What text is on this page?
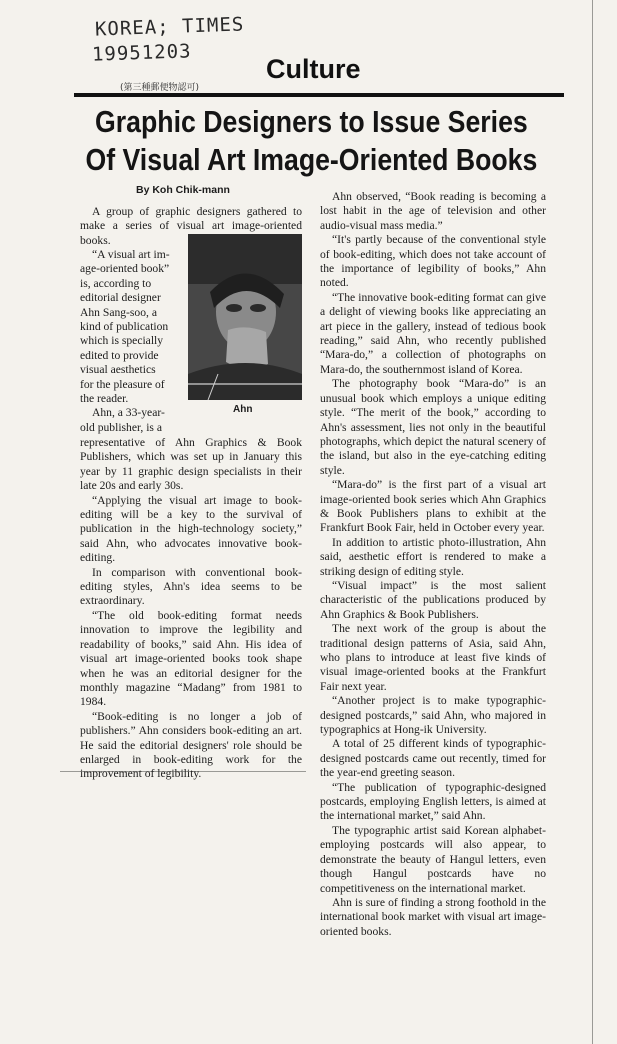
KOREA; TIMES
19951203
(第三種郵便物認可)
Culture
Graphic Designers to Issue Series
Of Visual Art Image-Oriented Books
By Koh Chik-mann

A group of graphic designers gathered to make a series of visual art image-oriented books.

Ahn
“A visual art im-
age-oriented book”
is, according to
editorial designer
Ahn Sang-soo, a
kind of publication
which is specially
edited to provide
visual aesthetics
for the pleasure of
the reader.
Ahn, a 33-year-
old publisher, is a

representative of Ahn Graphics & Book Publishers, which was set up in January this year by 11 graphic design specialists in their late 20s and early 30s.

“Applying the visual art image to book-editing will be a key to the survival of publication in the high-technology society,” said Ahn, who advocates innovative book-editing.

In comparison with conventional book-editing styles, Ahn's idea seems to be extraordinary.

“The old book-editing format needs innovation to improve the legibility and readability of books,” said Ahn. His idea of visual art image-oriented books took shape when he was an editorial designer for the monthly magazine “Madang” from 1981 to 1984.

“Book-editing is no longer a job of publishers.” Ahn considers book-editing an art. He said the editorial designers' role should be enlarged in book-editing work for the improvement of legibility.

Ahn observed, “Book reading is becoming a lost habit in the age of television and other audio-visual mass media.”

“It's partly because of the conventional style of book-editing, which does not take account of the importance of legibility of books,” Ahn noted.

“The innovative book-editing format can give a delight of viewing books like appreciating an art piece in the gallery, instead of tedious book reading,” said Ahn, who recently published “Mara-do,” a collection of photographs on Mara-do, the southernmost island of Korea.

The photography book “Mara-do” is an unusual book which employs a unique editing style. “The merit of the book,” according to Ahn's assessment, lies not only in the beautiful photographs, which depict the natural scenery of the island, but also in the eye-catching editing style.

“Mara-do” is the first part of a visual art image-oriented book series which Ahn Graphics & Book Publishers plans to exhibit at the Frankfurt Book Fair, held in October every year.

In addition to artistic photo-illustration, Ahn said, aesthetic effort is rendered to make a striking design of editing style.

“Visual impact” is the most salient characteristic of the publications produced by Ahn Graphics & Book Publishers.

The next work of the group is about the traditional design patterns of Asia, said Ahn, who plans to introduce at least five kinds of visual image-oriented books at the Frankfurt Fair next year.

“Another project is to make typographic-designed postcards,” said Ahn, who majored in typographics at Hong-ik University.

A total of 25 different kinds of typographic-designed postcards came out recently, timed for the year-end greeting season.

“The publication of typographic-designed postcards, employing English letters, is aimed at the international market,” said Ahn.

The typographic artist said Korean alphabet-employing postcards will also appear, to demonstrate the beauty of Hangul letters, even though Hangul postcards have no competitiveness on the international market.

Ahn is sure of finding a strong foothold in the international book market with visual art image-oriented books.
